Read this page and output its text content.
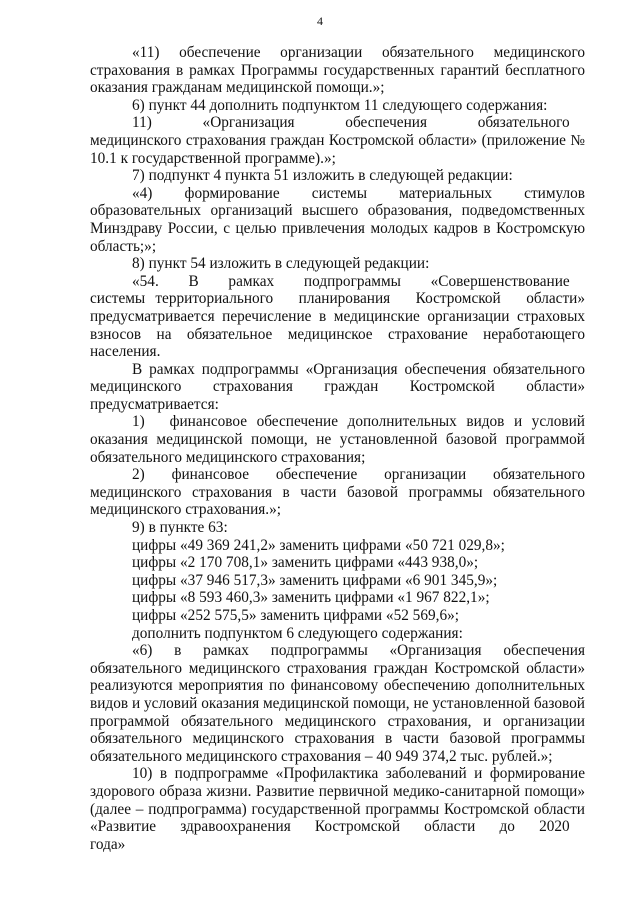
4

«11)  обеспечение  организации  обязательного  медицинского страхования в рамках Программы государственных гарантий бесплатного оказания гражданам медицинской помощи.»;

6) пункт 44 дополнить подпунктом 11 следующего содержания:

11)  «Организация  обеспечения  обязательного  медицинского страхования граждан Костромской области» (приложение № 10.1 к государственной программе).»;

7) подпункт 4 пункта 51 изложить в следующей редакции:

«4) формирование системы материальных стимулов образовательных организаций высшего образования, подведомственных Минздраву России, с целью привлечения молодых кадров в Костромскую область;»;

8) пункт 54 изложить в следующей редакции:

«54.  В  рамках  подпрограммы  «Совершенствование  системы территориального  планирования  Костромской  области» предусматривается перечисление в медицинские организации страховых взносов на обязательное медицинское страхование неработающего населения.

В рамках подпрограммы «Организация обеспечения обязательного медицинского  страхования  граждан  Костромской  области» предусматривается:

1)  финансовое обеспечение дополнительных видов и условий оказания медицинской помощи, не установленной базовой программой обязательного медицинского страхования;

2)  финансовое  обеспечение  организации  обязательного медицинского страхования в части базовой программы обязательного медицинского страхования.»;

9) в пункте 63:

цифры «49 369 241,2» заменить цифрами «50 721 029,8»;

цифры «2 170 708,1» заменить цифрами «443 938,0»;

цифры «37 946 517,3» заменить цифрами «6 901 345,9»;

цифры «8 593 460,3» заменить цифрами «1 967 822,1»;

цифры «252 575,5» заменить цифрами «52 569,6»;

дополнить подпунктом 6 следующего содержания:

«6)  в  рамках  подпрограммы  «Организация  обеспечения обязательного медицинского страхования граждан Костромской области» реализуются мероприятия по финансовому обеспечению дополнительных видов и условий оказания медицинской помощи, не установленной базовой программой обязательного медицинского страхования, и организации обязательного медицинского страхования в части базовой программы обязательного медицинского страхования – 40 949 374,2 тыс. рублей.»;

10) в подпрограмме «Профилактика заболеваний и формирование здорового образа жизни. Развитие первичной медико-санитарной помощи» (далее – подпрограмма) государственной программы Костромской области «Развитие  здравоохранения  Костромской  области  до  2020  года»
